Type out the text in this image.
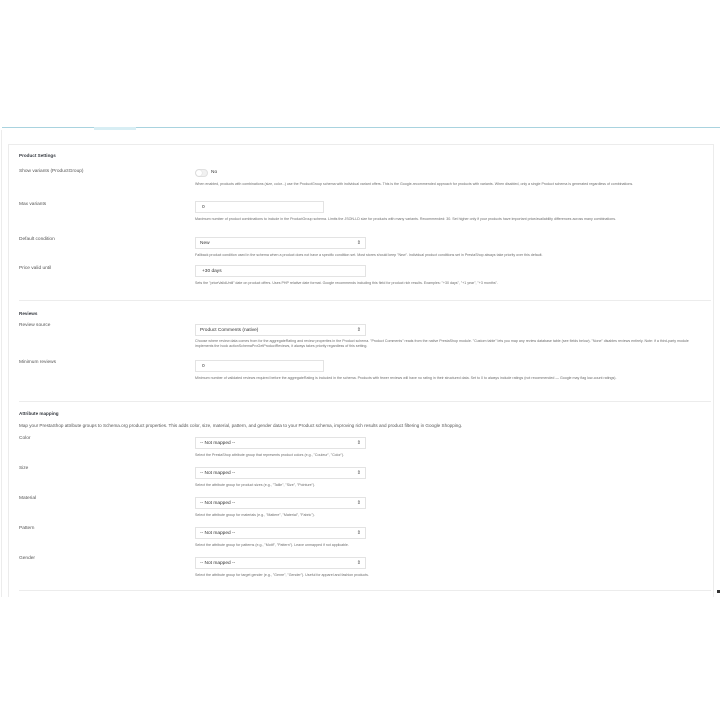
Product Settings
Show variants (ProductGroup)	No
When enabled, products with combinations (size, color...) use the ProductGroup schema with individual variant offers. This is the Google-recommended approach for products with variants. When disabled, only a single Product schema is generated regardless of combinations.
Max variants
0
Maximum number of product combinations to include in the ProductGroup schema. Limits the JSON-LD size for products with many variants. Recommended: 30. Set higher only if your products have important price/availability differences across many combinations.
Default condition
New	⇕
Fallback product condition used in the schema when a product does not have a specific condition set. Most stores should keep "New". Individual product conditions set in PrestaShop always take priority over this default.
Price valid until
+30 days
Sets the "priceValidUntil" date on product offers. Uses PHP relative date format. Google recommends including this field for product rich results. Examples: "+30 days", "+1 year", "+3 months".
Reviews
Review source
Product Comments (native)	⇕
Choose where review data comes from for the aggregateRating and review properties in the Product schema. "Product Comments" reads from the native PrestaShop module. "Custom table" lets you map any review database table (see fields below). "None" disables reviews entirely. Note: if a third-party module implements the hook actionSchemaProGetProductReviews, it always takes priority regardless of this setting.
Minimum reviews
0
Minimum number of validated reviews required before the aggregateRating is included in the schema. Products with fewer reviews will have no rating in their structured data. Set to 0 to always include ratings (not recommended — Google may flag low-count ratings).
Attribute mapping
Map your PrestaShop attribute groups to Schema.org product properties. This adds color, size, material, pattern, and gender data to your Product schema, improving rich results and product filtering in Google Shopping.
Color
-- Not mapped --	⇕
Select the PrestaShop attribute group that represents product colors (e.g., "Couleur", "Color").
Size
-- Not mapped --	⇕
Select the attribute group for product sizes (e.g., "Taille", "Size", "Pointure").
Material
-- Not mapped --	⇕
Select the attribute group for materials (e.g., "Matiere", "Material", "Fabric").
Pattern
-- Not mapped --	⇕
Select the attribute group for patterns (e.g., "Motif", "Pattern"). Leave unmapped if not applicable.
Gender
-- Not mapped --	⇕
Select the attribute group for target gender (e.g., "Genre", "Gender"). Useful for apparel and fashion products.
